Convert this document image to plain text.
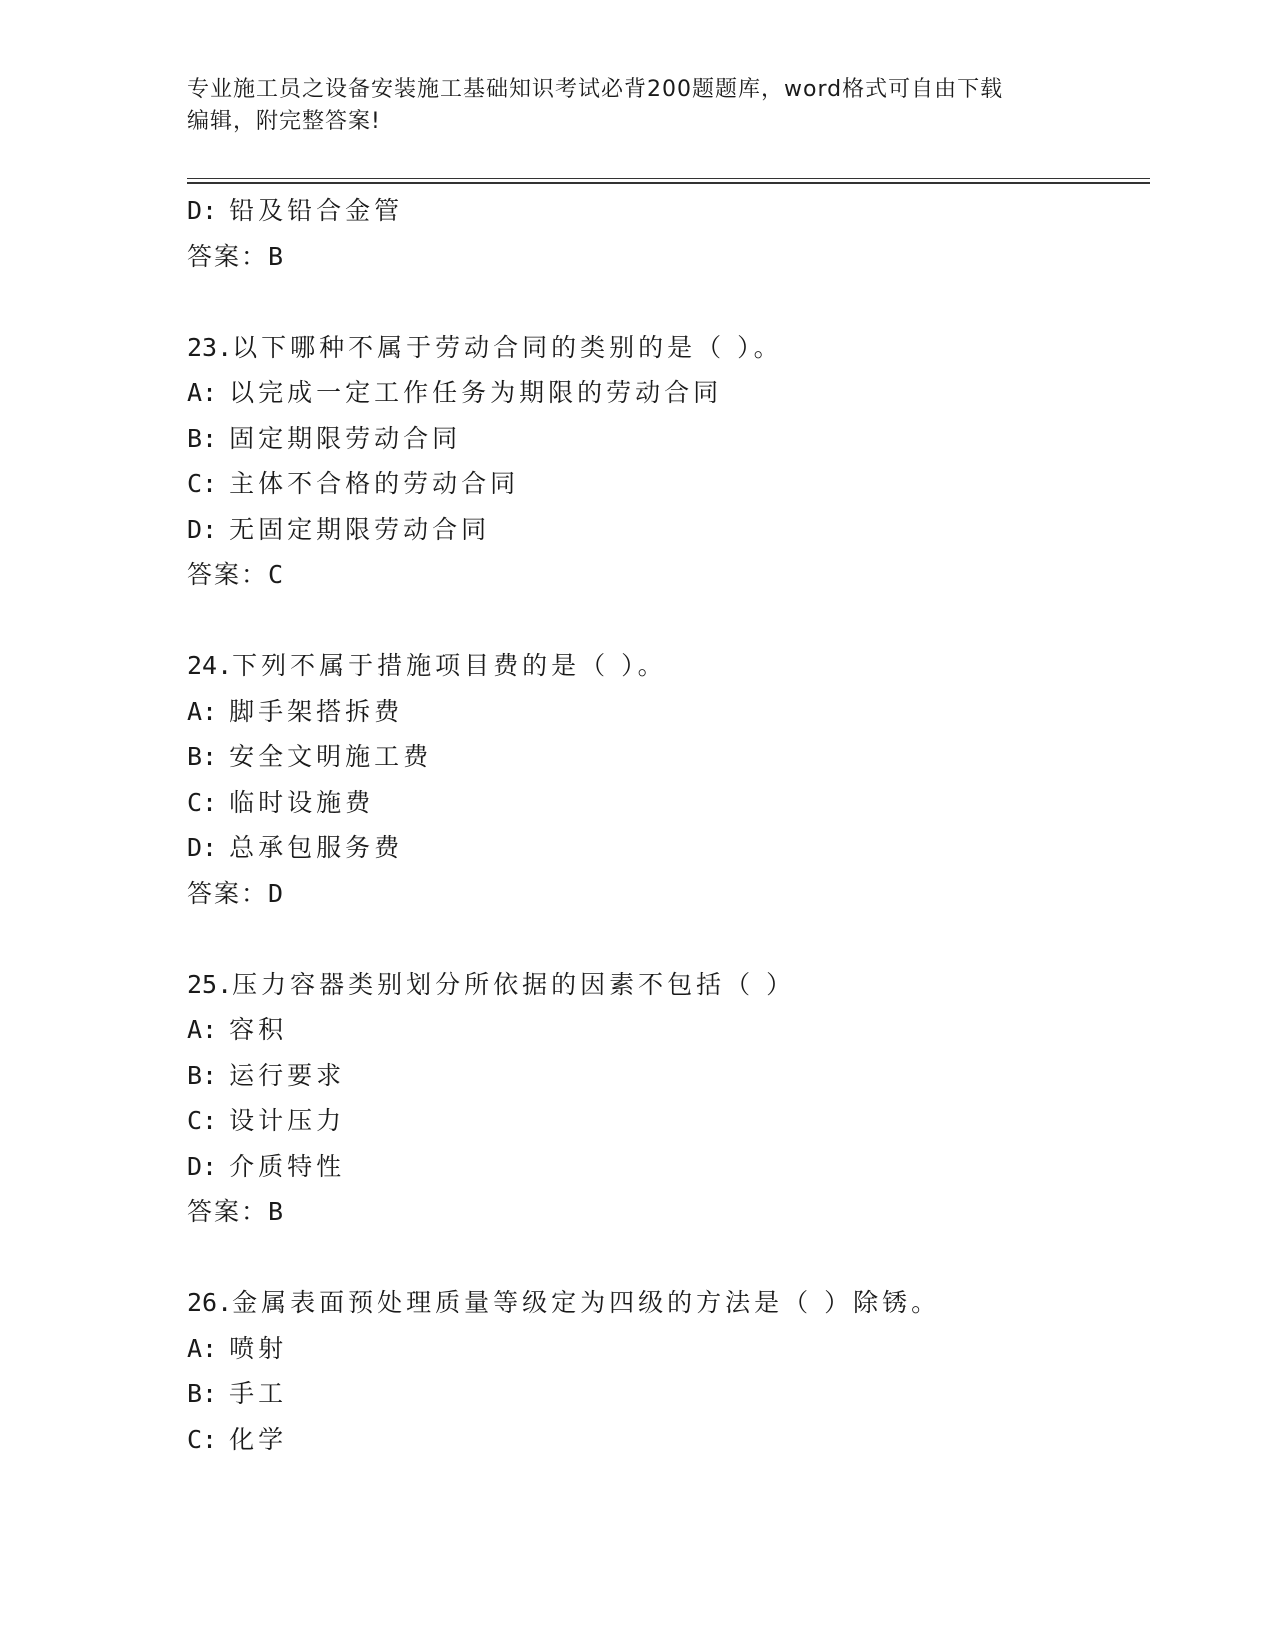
专业施工员之设备安装施工基础知识考试必背200题题库，word格式可自由下载
编辑，附完整答案!
D: 铅及铅合金管
答案：B
23.以下哪种不属于劳动合同的类别的是（ ）。
A: 以完成一定工作任务为期限的劳动合同
B: 固定期限劳动合同
C: 主体不合格的劳动合同
D: 无固定期限劳动合同
答案：C
24.下列不属于措施项目费的是（ ）。
A: 脚手架搭拆费
B: 安全文明施工费
C: 临时设施费
D: 总承包服务费
答案：D
25.压力容器类别划分所依据的因素不包括（ ）
A: 容积
B: 运行要求
C: 设计压力
D: 介质特性
答案：B
26.金属表面预处理质量等级定为四级的方法是（ ）除锈。
A: 喷射
B: 手工
C: 化学
